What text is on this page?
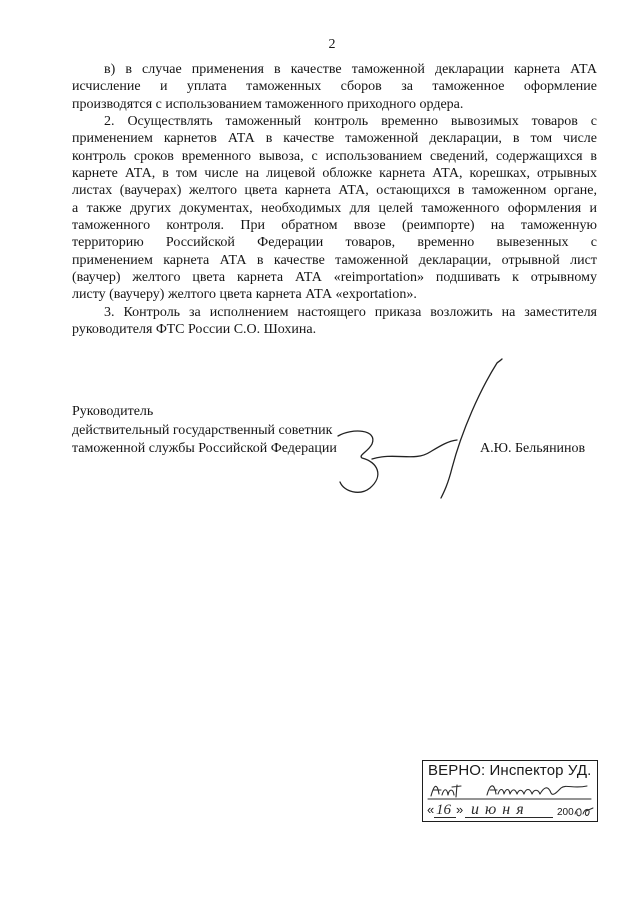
2
в) в случае применения в качестве таможенной декларации карнета АТА
исчисление и уплата таможенных сборов за таможенное оформление
производятся с использованием таможенного приходного ордера.
2. Осуществлять таможенный контроль временно вывозимых товаров с
применением карнетов АТА в качестве таможенной декларации, в том числе
контроль сроков временного вывоза, с использованием сведений, содержащихся в
карнете АТА, в том числе на лицевой обложке карнета АТА, корешках, отрывных
листах (ваучерах) желтого цвета карнета АТА, остающихся в таможенном органе,
а также других документах, необходимых для целей таможенного оформления и
таможенного контроля. При обратном ввозе (реимпорте) на таможенную
территорию Российской Федерации товаров, временно вывезенных с
применением карнета АТА в качестве таможенной декларации, отрывной лист
(ваучер) желтого цвета карнета АТА «reimportation» подшивать к отрывному
листу (ваучеру) желтого цвета карнета АТА «exportation».
3. Контроль за исполнением настоящего приказа возложить на заместителя
руководителя ФТС России С.О. Шохина.
Руководитель
действительный государственный советник
таможенной службы Российской Федерации	А.Ю. Бельянинов
ВЕРНО: Инспектор УД.
« 16 » июня	200
